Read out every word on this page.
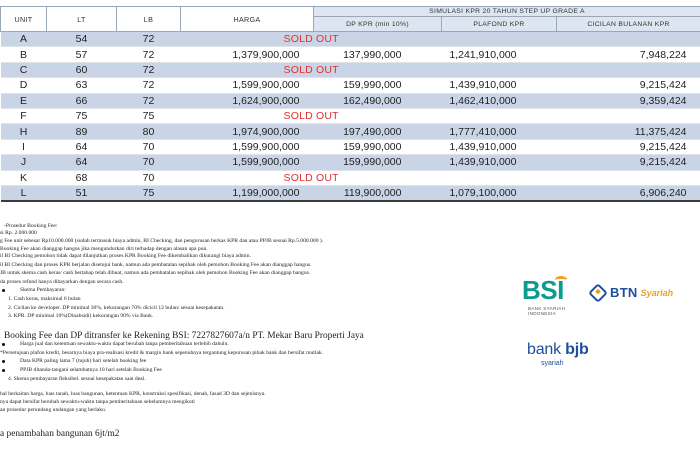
UNIT	LT	LB	HARGA	SIMULASI KPR 20 TAHUN STEP UP GRADE A		
				DP KPR (min 10%)	PLAFOND KPR	CICILAN BULANAN KPR
A	54	72	SOLD OUT			
B	57	72	1,379,900,000	137,990,000	1,241,910,000	7,948,224
C	60	72	SOLD OUT			
D	63	72	1,599,900,000	159,990,000	1,439,910,000	9,215,424
E	66	72	1,624,900,000	162,490,000	1,462,410,000	9,359,424
F	75	75	SOLD OUT			
H	89	80	1,974,900,000	197,490,000	1,777,410,000	11,375,424
I	64	70	1,599,900,000	159,990,000	1,439,910,000	9,215,424
J	64	70	1,599,900,000	159,990,000	1,439,910,000	9,215,424
K	68	70	SOLD OUT			
L	51	75	1,199,000,000	119,900,000	1,079,100,000	6,906,240
-Prosedur Booking Fee:
si Rp. 2.000.000
g Fee unit sebesar Rp10.000.000 (sudah termasuk biaya admin, BI Checking, dan pengurusan berkas KPR dan atau PPJB sesuai Rp.5.000.000 ).
Booking Fee akan dianggap hangus jika mengundurkan diri terhadap dengan alasan apa pun.
il BI Checking pemohon tidak dapat dilanjutkan proses KPR Booking Fee dikembalikan dikurangi biaya admin.
il BI Checking dan proses KPR berjalan disetujui bank, namun ada pembatalan sepihak oleh pemohon Booking Fee akan dianggap hangus.
JB untuk skema cash keras/ cash bertahap telah dibuat, namun ada pembatalan sepihak oleh pemohon Booking Fee akan dianggap hangus.
da proses refund hanya dibayarkan dengan secara cash.
Skema Pembayaran:
1. Cash keras, maksimal 6 bulan
2. Cicilan ke developer. DP minimal 30%, kekurangan 70% dicicil 12 bulan/ sesuai kesepakatan.
3. KPR. DP minimal 10%(Dinabsidi) kekurangan 90% via Bank.
Booking Fee dan DP ditransfer ke Rekening BSI: 7227827607a/n PT. Mekar Baru Properti Jaya
Harga jual dan ketentuan sewaktu-waktu dapat berubah tanpa pemberitahuan terlebih dahulu.
*Persetujuan plafon kredit, besarnya biaya pra-realisasi kredit & margin bank sepenuhnya tergantung kepurusan pihak bank dan bersifat mutlak.
Data KPR paling lama 7 (tujuh) hari setelah booking fee
PPJB ditanda-tangani selambatnya 10 hari setelah Booking Fee
4. Skema pembayaran fleksibel. sesuai kesepakatan saat deal.
hal berkaitan harga, luas tanah, luas bangunan, ketentuan KPR, konstruksi spesifikasi, denah, fasad 3D dan sejenisnya.
nya dapat bersifat berubah sewaktu-waktu tanpa pemberitahuan sebelumnya mengikuti
an prosedur perundang undangan yang berlaku.
a penambahan bangunan 6jt/m2
BSI
BANK SYARIAH
INDONESIA
BTN Syariah
bank bjb
syariah
